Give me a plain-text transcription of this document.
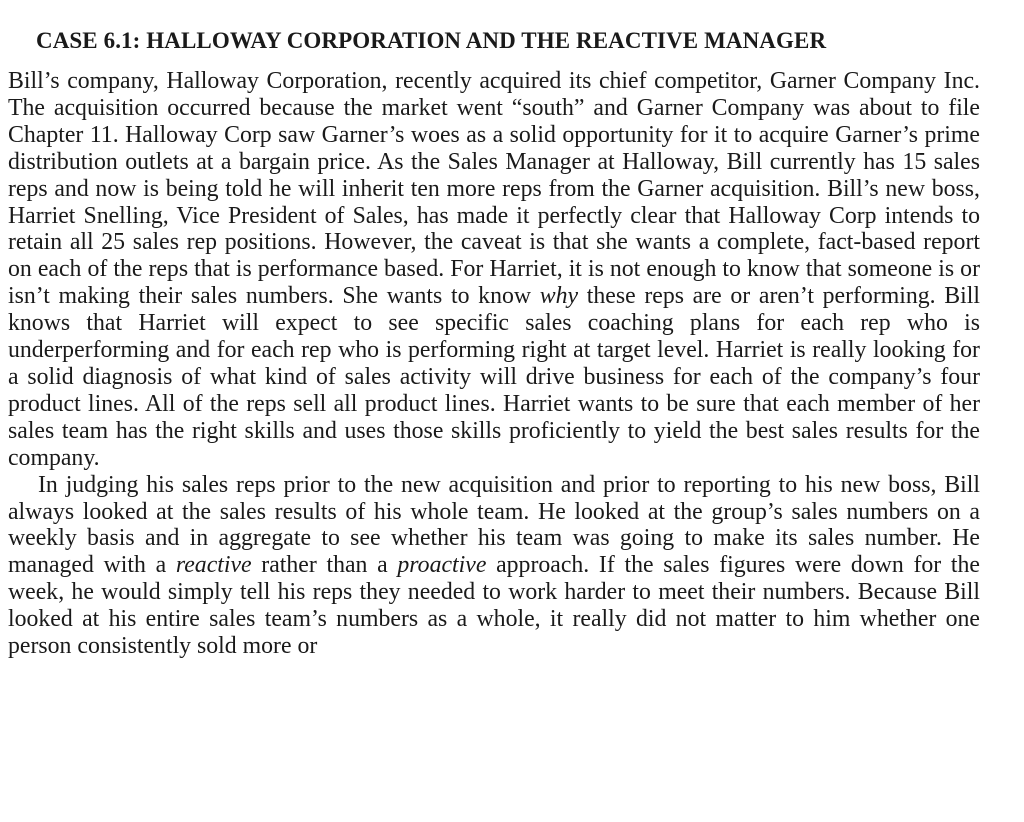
CASE 6.1: HALLOWAY CORPORATION AND THE REACTIVE MANAGER

Bill’s company, Halloway Corporation, recently acquired its chief competitor, Garner Company Inc. The acquisition occurred because the market went “south” and Garner Company was about to file Chapter 11. Halloway Corp saw Garner’s woes as a solid opportunity for it to acquire Garner’s prime distribution outlets at a bargain price. As the Sales Manager at Halloway, Bill currently has 15 sales reps and now is being told he will inherit ten more reps from the Garner acquisition. Bill’s new boss, Harriet Snelling, Vice President of Sales, has made it perfectly clear that Halloway Corp intends to retain all 25 sales rep positions. However, the caveat is that she wants a complete, fact-based report on each of the reps that is performance based. For Harriet, it is not enough to know that someone is or isn’t making their sales numbers. She wants to know why these reps are or aren’t performing. Bill knows that Harriet will expect to see specific sales coaching plans for each rep who is underperforming and for each rep who is performing right at target level. Harriet is really looking for a solid diagnosis of what kind of sales activity will drive business for each of the company’s four product lines. All of the reps sell all product lines. Harriet wants to be sure that each member of her sales team has the right skills and uses those skills proficiently to yield the best sales results for the company.

In judging his sales reps prior to the new acquisition and prior to reporting to his new boss, Bill always looked at the sales results of his whole team. He looked at the group’s sales numbers on a weekly basis and in aggregate to see whether his team was going to make its sales number. He managed with a reactive rather than a proactive approach. If the sales figures were down for the week, he would simply tell his reps they needed to work harder to meet their numbers. Because Bill looked at his entire sales team’s numbers as a whole, it really did not matter to him whether one person consistently sold more or
